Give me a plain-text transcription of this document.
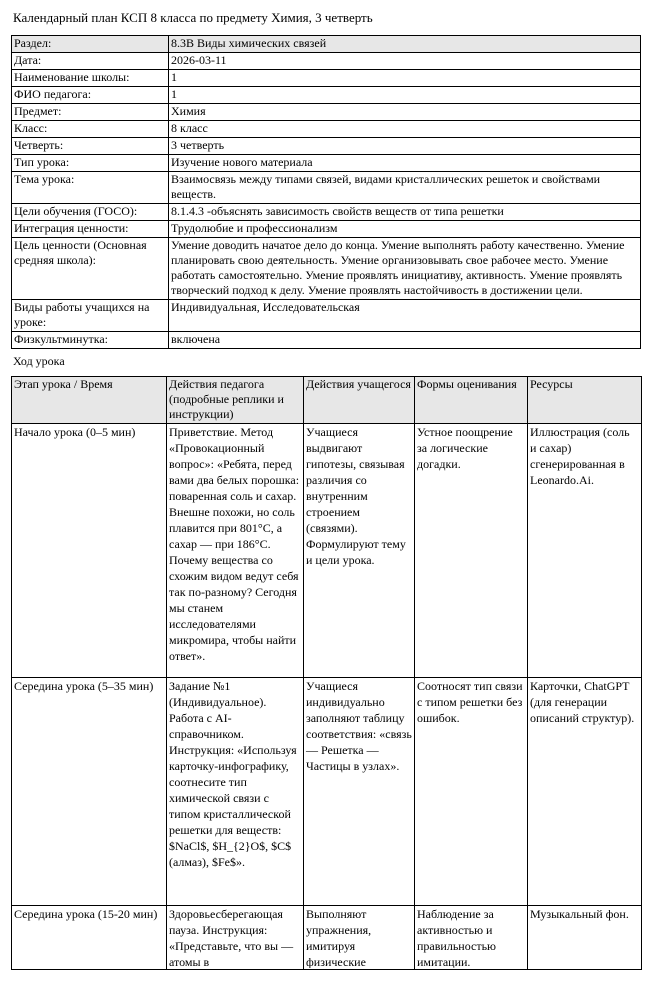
Календарный план КСП 8 класса по предмету Химия, 3 четверть

Раздел:	8.3В Виды химических связей
Дата:	2026-03-11
Наименование школы:	1
ФИО педагога:	1
Предмет:	Химия
Класс:	8 класс
Четверть:	3 четверть
Тип урока:	Изучение нового материала
Тема урока:	Взаимосвязь между типами связей, видами кристаллических решеток и свойствами веществ.
Цели обучения (ГОСО):	8.1.4.3 -объяснять зависимость свойств веществ от типа решетки
Интеграция ценности:	Трудолюбие и профессионализм
Цель ценности (Основная средняя школа):	Умение доводить начатое дело до конца. Умение выполнять работу качественно. Умение планировать свою деятельность. Умение организовывать свое рабочее место. Умение работать самостоятельно. Умение проявлять инициативу, активность. Умение проявлять творческий подход к делу. Умение проявлять настойчивость в достижении цели.
Виды работы учащихся на уроке:	Индивидуальная, Исследовательская
Физкультминутка:	включена

Ход урока

Этап урока / Время	Действия педагога (подробные реплики и инструкции)	Действия учащегося	Формы оценивания	Ресурсы
Начало урока (0–5 мин)	Приветствие. Метод «Провокационный вопрос»: «Ребята, перед вами два белых порошка: поваренная соль и сахар. Внешне похожи, но соль плавится при 801°C, а сахар — при 186°C. Почему вещества со схожим видом ведут себя так по-разному? Сегодня мы станем исследователями микромира, чтобы найти ответ».	Учащиеся выдвигают гипотезы, связывая различия со внутренним строением (связями). Формулируют тему и цели урока.	Устное поощрение за логические догадки.	Иллюстрация (соль и сахар) сгенерированная в Leonardo.Ai.
Середина урока (5–35 мин)	Задание №1 (Индивидуальное). Работа с AI-справочником. Инструкция: «Используя карточку-инфографику, соотнесите тип химической связи с типом кристаллической решетки для веществ: $NaCl$, $H_{2}O$, $C$ (алмаз), $Fe$».	Учащиеся индивидуально заполняют таблицу соответствия: «связь — Решетка — Частицы в узлах».	Соотносят тип связи с типом решетки без ошибок.	Карточки, ChatGPT (для генерации описаний структур).

Середина урока (15-20 мин)	Здоровьесберегающая пауза. Инструкция: «Представьте, что вы — атомы в	Выполняют упражнения, имитируя физические	Наблюдение за активностью и правильностью имитации.	Музыкальный фон.
